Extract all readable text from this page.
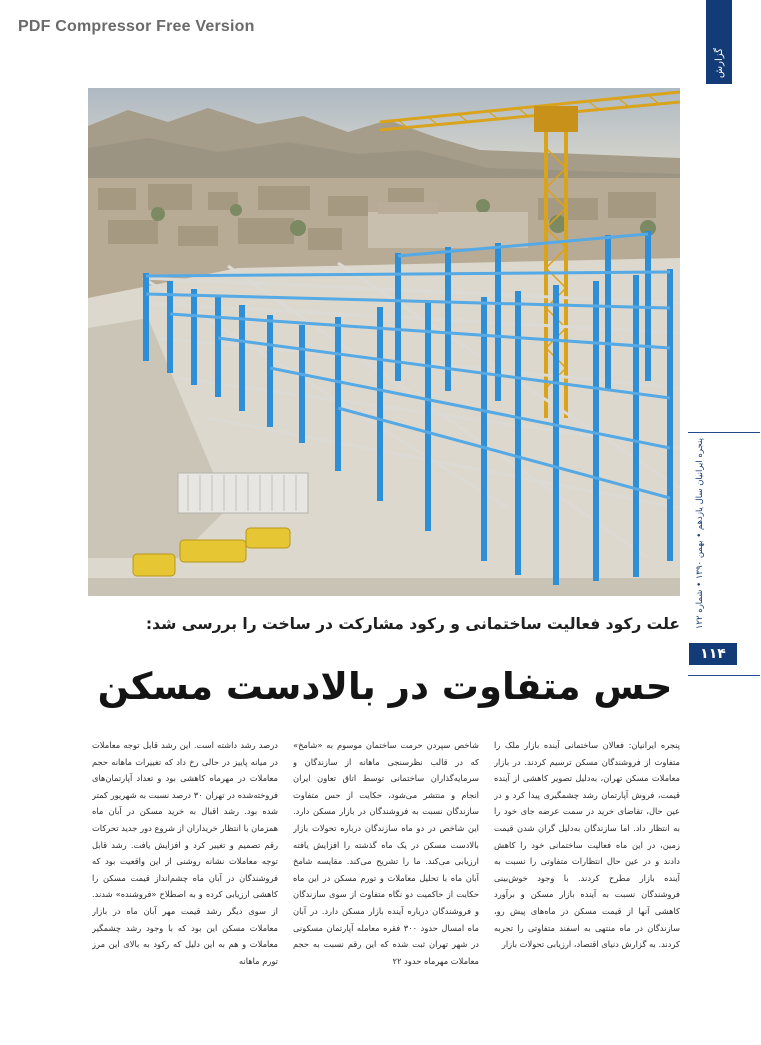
PDF Compressor Free Version
گزارش
پنجره ایرانیان سال یازدهم • بهمن ۱۳۹۰ • شماره ۱۲۲
۱۱۴
علت رکود فعالیت ساختمانی و رکود مشارکت در ساخت را بررسی شد:
حس متفاوت در بالادست مسکن
پنجره ایرانیان: فعالان ساختمانی آینده بازار ملک را متفاوت از فروشندگان مسکن ترسیم کردند. در بازار معاملات مسکن تهران، به‌دلیل تصویر کاهشی از آینده قیمت، فروش آپارتمان رشد چشمگیری پیدا کرد و در عین حال، تقاضای خرید در سمت عرضه جای خود را به انتظار داد. اما سازندگان به‌دلیل گران شدن قیمت زمین، در این ماه فعالیت ساختمانی خود را کاهش دادند و در عین حال انتظارات متفاوتی را نسبت به آینده بازار مطرح کردند. با وجود خوش‌بینی فروشندگان نسبت به آینده بازار مسکن و برآورد کاهشی آنها از قیمت مسکن در ماه‌های پیش رو، سازندگان در ماه منتهی به اسفند متفاوتی را تجربه کردند. به گزارش دنیای اقتصاد، ارزیابی تحولات بازار
شاخص سپردن حرمت ساختمان موسوم به «شامخ» که در قالب نظرسنجی ماهانه از سازندگان و سرمایه‌گذاران ساختمانی توسط اتاق تعاون ایران انجام و منتشر می‌شود، حکایت از حس متفاوت سازندگان نسبت به فروشندگان در بازار مسکن دارد. این شاخص در دو ماه سازندگان درباره تحولات بازار بالادست مسکن در یک ماه گذشته را افزایش یافته ارزیابی می‌کند. ما را تشریح می‌کند. مقایسه شامخ آبان ماه با تحلیل معاملات و تورم مسکن در این ماه حکایت از حاکمیت دو نگاه متفاوت از سوی سازندگان و فروشندگان درباره آینده بازار مسکن دارد. در آبان ماه امسال حدود ۳۰۰ فقره معامله آپارتمان مسکونی در شهر تهران ثبت شده که این رقم نسبت به حجم معاملات مهرماه حدود ۲۲
درصد رشد داشته است. این رشد قابل توجه معاملات در میانه پاییز در حالی رخ داد که تغییرات ماهانه حجم معاملات در مهرماه کاهشی بود و تعداد آپارتمان‌های فروخته‌شده در تهران ۳۰ درصد نسبت به شهریور کمتر شده بود. رشد اقبال به خرید مسکن در آبان ماه همزمان با انتظار خریداران از شروع دور جدید تحرکات رقم تصمیم و تغییر کرد و افزایش یافت. رشد قابل توجه معاملات نشانه روشنی از این واقعیت بود که فروشندگان در آبان ماه چشم‌انداز قیمت مسکن را کاهشی ارزیابی کرده و به اصطلاح «فروشنده» شدند. از سوی دیگر رشد قیمت مهر آبان ماه در بازار معاملات مسکن این بود که با وجود رشد چشمگیر معاملات و هم به این دلیل که رکود به بالای این مرز تورم ماهانه
